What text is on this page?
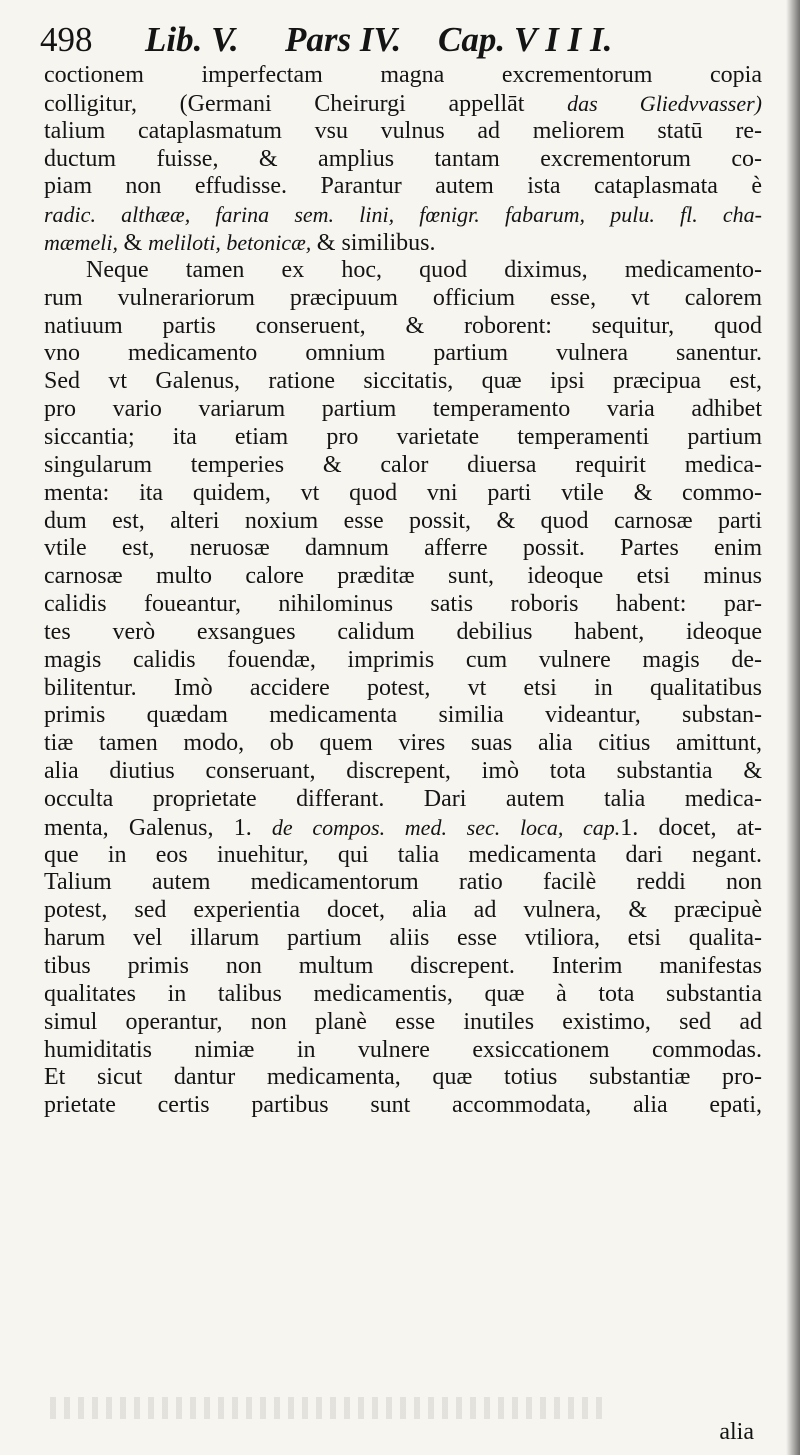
498 Lib. V. Pars IV. Cap. V I I I.
coctionem imperfectam magna excrementorum copia
colligitur, (Germani Cheirurgi appellāt das Gliedvvasser)
talium cataplasmatum vsu vulnus ad meliorem statū re-
ductum fuisse, & amplius tantam excrementorum co-
piam non effudisse. Parantur autem ista cataplasmata è
radic. althææ, farina sem. lini, fœnigr. fabarum, pulu. fl. cha-
mæmeli, & meliloti, betonicæ, & similibus.
Neque tamen ex hoc, quod diximus, medicamento-
rum vulnerariorum præcipuum officium esse, vt calorem
natiuum partis conseruent, & roborent: sequitur, quod
vno medicamento omnium partium vulnera sanentur.
Sed vt Galenus, ratione siccitatis, quæ ipsi præcipua est,
pro vario variarum partium temperamento varia adhibet
siccantia; ita etiam pro varietate temperamenti partium
singularum temperies & calor diuersa requirit medica-
menta: ita quidem, vt quod vni parti vtile & commo-
dum est, alteri noxium esse possit, & quod carnosæ parti
vtile est, neruosæ damnum afferre possit. Partes enim
carnosæ multo calore præditæ sunt, ideoque etsi minus
calidis foueantur, nihilominus satis roboris habent: par-
tes verò exsangues calidum debilius habent, ideoque
magis calidis fouendæ, imprimis cum vulnere magis de-
bilitentur. Imò accidere potest, vt etsi in qualitatibus
primis quædam medicamenta similia videantur, substan-
tiæ tamen modo, ob quem vires suas alia citius amittunt,
alia diutius conseruant, discrepent, imò tota substantia &
occulta proprietate differant. Dari autem talia medica-
menta, Galenus, 1. de compos. med. sec. loca, cap.1. docet, at-
que in eos inuehitur, qui talia medicamenta dari negant.
Talium autem medicamentorum ratio facilè reddi non
potest, sed experientia docet, alia ad vulnera, & præcipuè
harum vel illarum partium aliis esse vtiliora, etsi qualita-
tibus primis non multum discrepent. Interim manifestas
qualitates in talibus medicamentis, quæ à tota substantia
simul operantur, non planè esse inutiles existimo, sed ad
humiditatis nimiæ in vulnere exsiccationem commodas.
Et sicut dantur medicamenta, quæ totius substantiæ pro-
prietate certis partibus sunt accommodata, alia epati,
alia
